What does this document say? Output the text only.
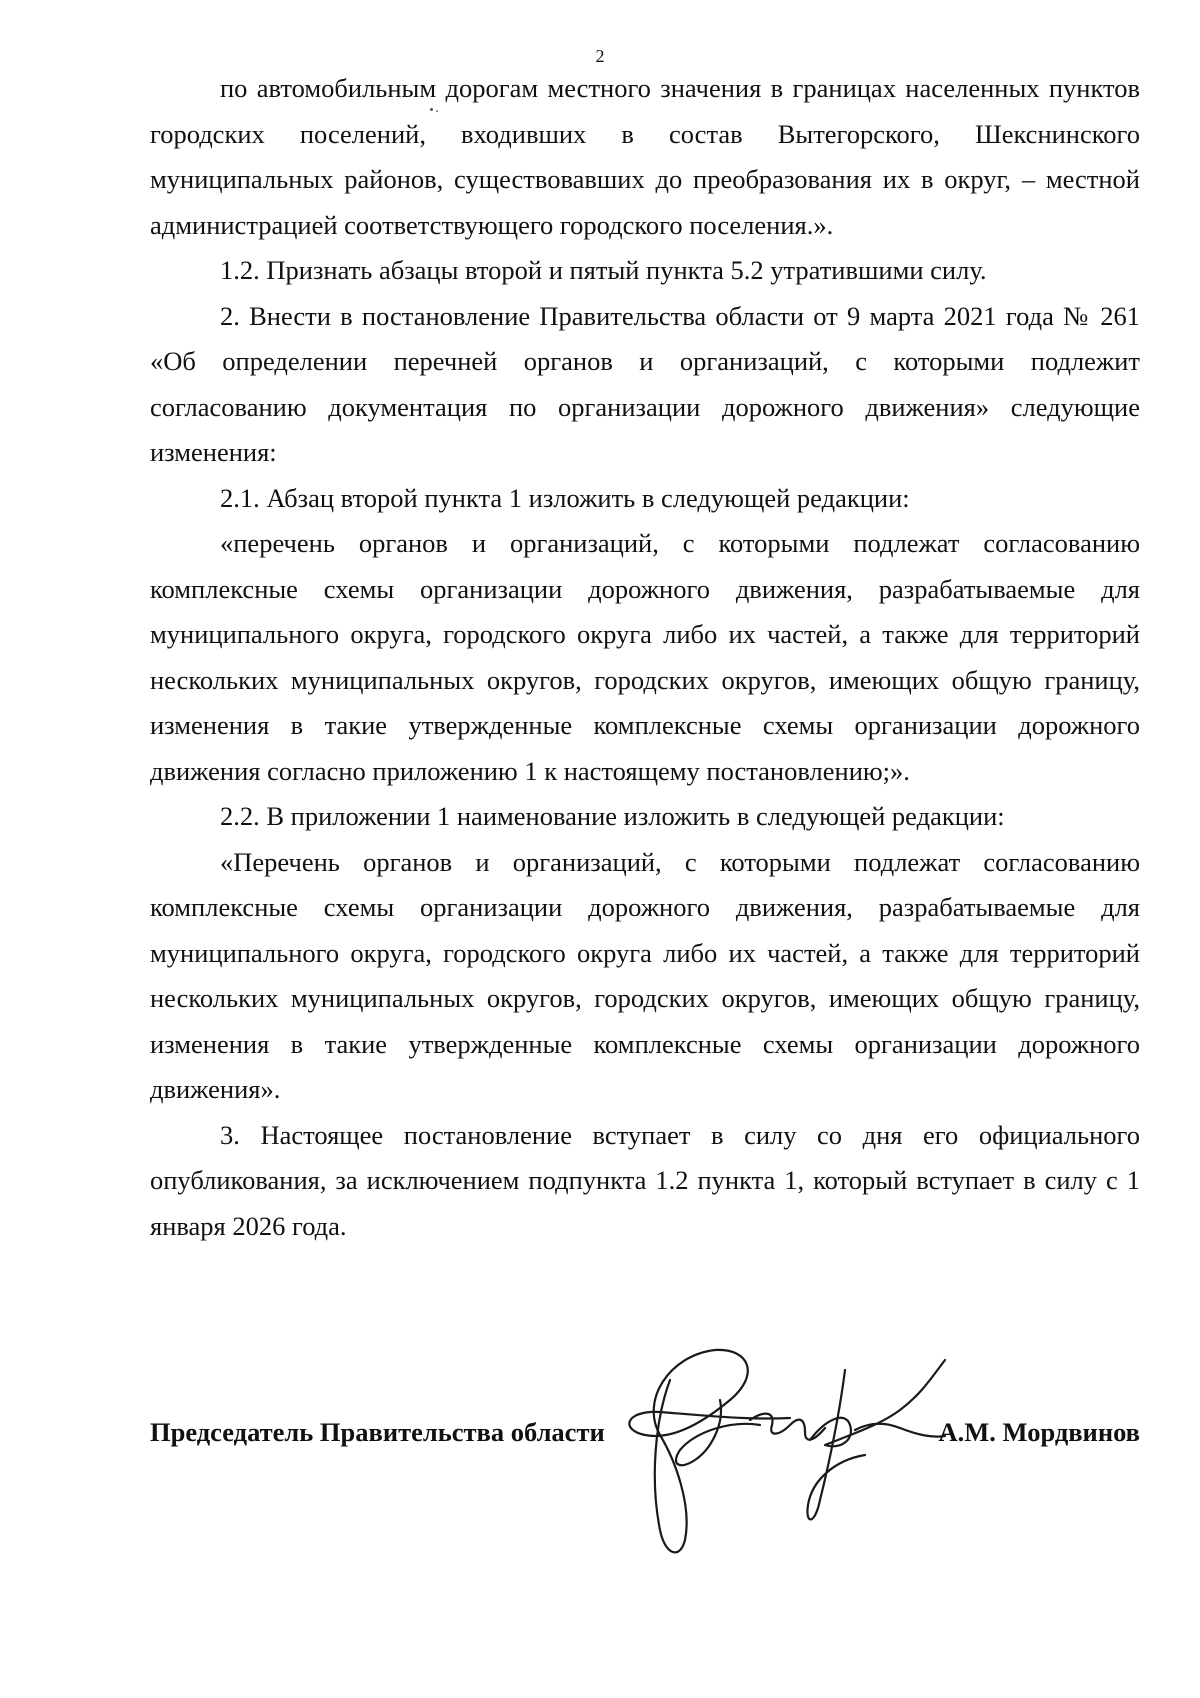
2

по автомобильным дорогам местного значения в границах населенных пунктов городских поселений, входивших в состав Вытегорского, Шекснинского муниципальных районов, существовавших до преобразования их в округ, – местной администрацией соответствующего городского поселения.».

1.2. Признать абзацы второй и пятый пункта 5.2 утратившими силу.

2. Внести в постановление Правительства области от 9 марта 2021 года № 261 «Об определении перечней органов и организаций, с которыми подлежит согласованию документация по организации дорожного движения» следующие изменения:

2.1. Абзац второй пункта 1 изложить в следующей редакции:

«перечень органов и организаций, с которыми подлежат согласованию комплексные схемы организации дорожного движения, разрабатываемые для муниципального округа, городского округа либо их частей, а также для территорий нескольких муниципальных округов, городских округов, имеющих общую границу, изменения в такие утвержденные комплексные схемы организации дорожного движения согласно приложению 1 к настоящему постановлению;».

2.2. В приложении 1 наименование изложить в следующей редакции:

«Перечень органов и организаций, с которыми подлежат согласованию комплексные схемы организации дорожного движения, разрабатываемые для муниципального округа, городского округа либо их частей, а также для территорий нескольких муниципальных округов, городских округов, имеющих общую границу, изменения в такие утвержденные комплексные схемы организации дорожного движения».

3. Настоящее постановление вступает в силу со дня его официального опубликования, за исключением подпункта 1.2 пункта 1, который вступает в силу с 1 января 2026 года.

Председатель Правительства области	А.М. Мордвинов
